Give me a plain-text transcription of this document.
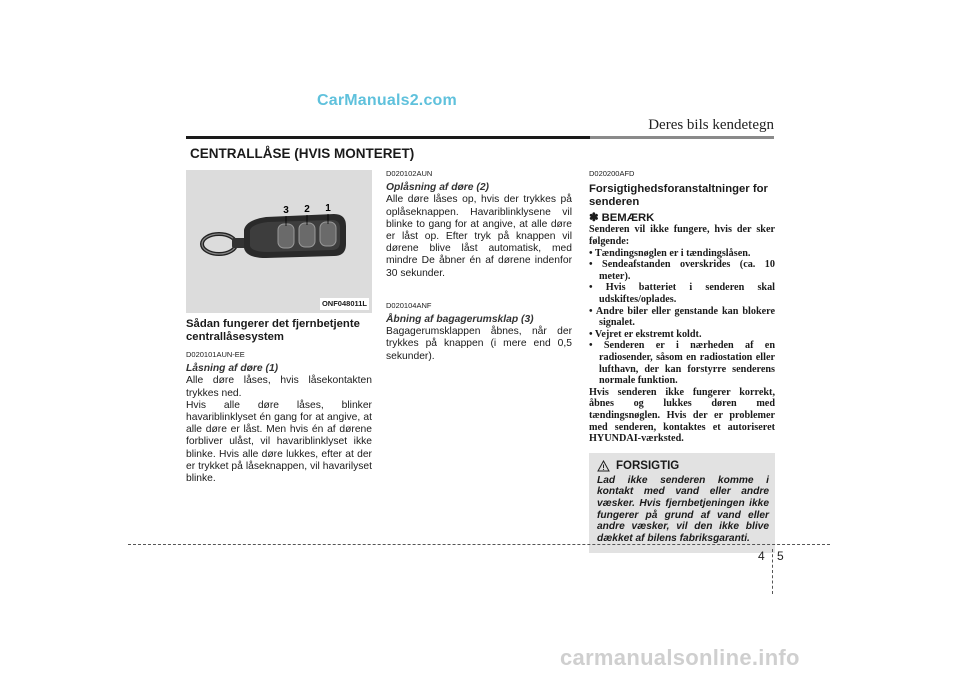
CarManuals2.com
Deres bils kendetegn
CENTRALLÅSE (HVIS MONTERET)
3 2 1
ONF048011L
Sådan fungerer det fjernbetjente centrallåsesystem
D020101AUN-EE
Låsning af døre (1)
Alle døre låses, hvis låsekontakten trykkes ned.
Hvis alle døre låses, blinker havariblinklyset én gang for at angive, at alle døre er låst. Men hvis én af dørene forbliver ulåst, vil havariblinklyset ikke blinke. Hvis alle døre lukkes, efter at der er trykket på låseknappen, vil havarilyset blinke.
D020102AUN
Oplåsning af døre (2)
Alle døre låses op, hvis der trykkes på oplåseknappen. Havariblinklysene vil blinke to gang for at angive, at alle døre er låst op. Efter tryk på knappen vil dørene blive låst automatisk, med mindre De åbner én af dørene indenfor 30 sekunder.
D020104ANF
Åbning af bagagerumsklap (3)
Bagagerumsklappen åbnes, når der trykkes på knappen (i mere end 0,5 sekunder).
D020200AFD
Forsigtighedsforanstaltninger for senderen
✽ BEMÆRK
Senderen vil ikke fungere, hvis der sker følgende:
• Tændingsnøglen er i tændingslåsen.
• Sendeafstanden overskrides (ca. 10 meter).
• Hvis batteriet i senderen skal udskiftes/oplades.
• Andre biler eller genstande kan blokere signalet.
• Vejret er ekstremt koldt.
• Senderen er i nærheden af en radiosender, såsom en radiostation eller lufthavn, der kan forstyrre senderens normale funktion.
Hvis senderen ikke fungerer korrekt, åbnes og lukkes døren med tændingsnøglen. Hvis der er problemer med senderen, kontaktes et autoriseret HYUNDAI-værksted.
FORSIGTIG
Lad ikke senderen komme i kontakt med vand eller andre væsker. Hvis fjernbetjeningen ikke fungerer på grund af vand eller andre væsker, vil den ikke blive dækket af bilens fabriksgaranti.
4 5
carmanualsonline.info
